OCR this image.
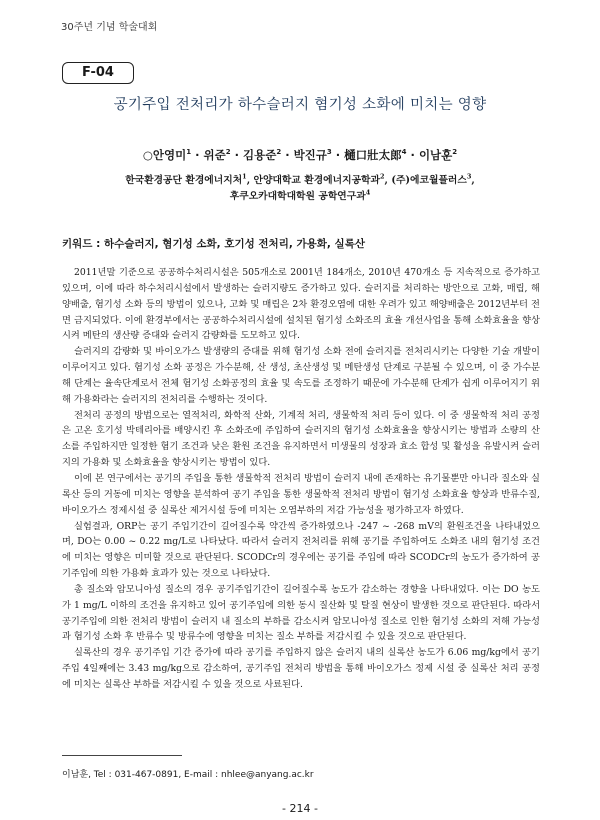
30주년 기념 학술대회
F-04
공기주입 전처리가 하수슬러지 혐기성 소화에 미치는 영향
○안영미$^1$ · 위준$^2$ · 김용준$^2$ · 박진규$^3$ · 樋口壯太郎$^4$ · 이남훈$^2$
한국환경공단 환경에너지처$^1$, 안양대학교 환경에너지공학과$^2$, (주)에코월플러스$^3$,
후쿠오카대학대학원 공학연구과$^4$
키워드 : 하수슬러지, 혐기성 소화, 호기성 전처리, 가용화, 실록산

2011년말 기준으로 공공하수처리시설은 505개소로 2001년 184개소, 2010년 470개소 등 지속적으로 증가하고 있으며, 이에 따라 하수처리시설에서 발생하는 슬러지량도 증가하고 있다. 슬러지를 처리하는 방안으로 고화, 매립, 해양배출, 혐기성 소화 등의 방법이 있으나, 고화 및 매립은 2차 환경오염에 대한 우려가 있고 해양배출은 2012년부터 전면 금지되었다. 이에 환경부에서는 공공하수처리시설에 설치된 혐기성 소화조의 효율 개선사업을 통해 소화효율을 향상시켜 메탄의 생산량 증대와 슬러지 감량화를 도모하고 있다.

슬러지의 감량화 및 바이오가스 발생량의 증대를 위해 혐기성 소화 전에 슬러지를 전처리시키는 다양한 기술 개발이 이루어지고 있다. 혐기성 소화 공정은 가수분해, 산 생성, 초산생성 및 메탄생성 단계로 구분될 수 있으며, 이 중 가수분해 단계는 율속단계로서 전체 혐기성 소화공정의 효율 및 속도를 조정하기 때문에 가수분해 단계가 쉽게 이루어지기 위해 가용화라는 슬러지의 전처리를 수행하는 것이다.

전처리 공정의 방법으로는 열적처리, 화학적 산화, 기계적 처리, 생물학적 처리 등이 있다. 이 중 생물학적 처리 공정은 고온 호기성 박테리아를 배양시킨 후 소화조에 주입하여 슬러지의 혐기성 소화효율을 향상시키는 방법과 소량의 산소를 주입하지만 일정한 혐기 조건과 낮은 환원 조건을 유지하면서 미생물의 성장과 효소 합성 및 활성을 유발시켜 슬러지의 가용화 및 소화효율을 향상시키는 방법이 있다.

이에 본 연구에서는 공기의 주입을 통한 생물학적 전처리 방법이 슬러지 내에 존재하는 유기물뿐만 아니라 질소와 실록산 등의 거동에 미치는 영향을 분석하여 공기 주입을 통한 생물학적 전처리 방법이 혐기성 소화효율 향상과 반류수질, 바이오가스 정제시설 중 실록산 제거시설 등에 미치는 오염부하의 저감 가능성을 평가하고자 하였다.

실험결과, ORP는 공기 주입기간이 길어질수록 약간씩 증가하였으나 -247 ~ -268 mV의 환원조건을 나타내었으며, DO는 0.00 ~ 0.22 mg/L로 나타났다. 따라서 슬러지 전처리를 위해 공기를 주입하여도 소화조 내의 혐기성 조건에 미치는 영향은 미미할 것으로 판단된다. SCODCr의 경우에는 공기를 주입에 따라 SCODCr의 농도가 증가하여 공기주입에 의한 가용화 효과가 있는 것으로 나타났다.

총 질소와 암모니아성 질소의 경우 공기주입기간이 길어질수록 농도가 감소하는 경향을 나타내었다. 이는 DO 농도가 1 mg/L 이하의 조건을 유지하고 있어 공기주입에 의한 동시 질산화 및 탈질 현상이 발생한 것으로 판단된다. 따라서 공기주입에 의한 전처리 방법이 슬러지 내 질소의 부하를 감소시켜 암모니아성 질소로 인한 혐기성 소화의 저해 가능성과 혐기성 소화 후 반류수 및 방류수에 영향을 미치는 질소 부하를 저감시킬 수 있을 것으로 판단된다.

실록산의 경우 공기주입 기간 증가에 따라 공기를 주입하지 않은 슬러지 내의 실록산 농도가 6.06 mg/kg에서 공기주입 4일째에는 3.43 mg/kg으로 감소하여, 공기주입 전처리 방법을 통해 바이오가스 정제 시설 중 실록산 처리 공정에 미치는 실록산 부하를 저감시킬 수 있을 것으로 사료된다.

이남훈, Tel : 031-467-0891, E-mail : nhlee@anyang.ac.kr
- 214 -
